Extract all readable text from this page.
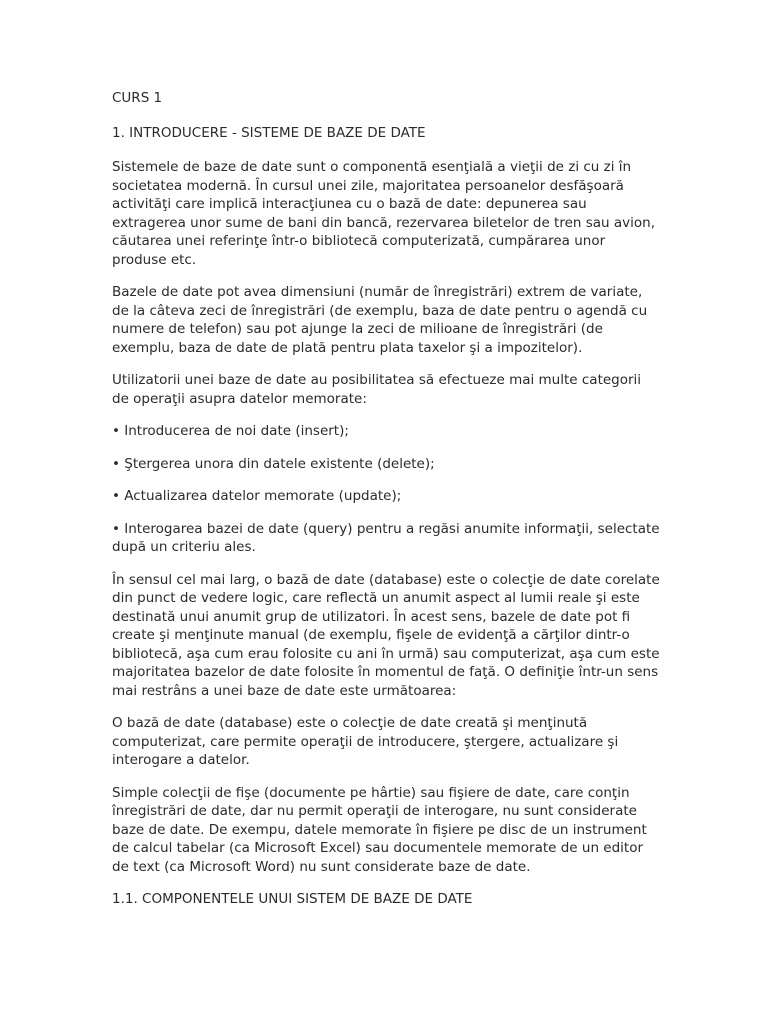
CURS 1

1. INTRODUCERE - SISTEME DE BAZE DE DATE

Sistemele de baze de date sunt o componentă esenţială a vieţii de zi cu zi în societatea modernă. În cursul unei zile, majoritatea persoanelor desfăşoară activităţi care implică interacţiunea cu o bază de date: depunerea sau extragerea unor sume de bani din bancă, rezervarea biletelor de tren sau avion, căutarea unei referinţe într-o bibliotecă computerizată, cumpărarea unor produse etc.

Bazele de date pot avea dimensiuni (număr de înregistrări) extrem de variate, de la câteva zeci de înregistrări (de exemplu, baza de date pentru o agendă cu numere de telefon) sau pot ajunge la zeci de milioane de înregistrări (de exemplu, baza de date de plată pentru plata taxelor şi a impozitelor).

Utilizatorii unei baze de date au posibilitatea să efectueze mai multe categorii de operaţii asupra datelor memorate:

• Introducerea de noi date (insert);

• Ştergerea unora din datele existente (delete);

• Actualizarea datelor memorate (update);

• Interogarea bazei de date (query) pentru a regăsi anumite informaţii, selectate după un criteriu ales.

În sensul cel mai larg, o bază de date (database) este o colecţie de date corelate din punct de vedere logic, care reflectă un anumit aspect al lumii reale şi este destinată unui anumit grup de utilizatori. În acest sens, bazele de date pot fi create şi menţinute manual (de exemplu, fişele de evidenţă a cărţilor dintr-o bibliotecă, aşa cum erau folosite cu ani în urmă) sau computerizat, aşa cum este majoritatea bazelor de date folosite în momentul de faţă. O definiţie într-un sens mai restrâns a unei baze de date este următoarea:

O bază de date (database) este o colecţie de date creată şi menţinută computerizat, care permite operaţii de introducere, ştergere, actualizare şi interogare a datelor.

Simple colecţii de fişe (documente pe hârtie) sau fişiere de date, care conţin înregistrări de date, dar nu permit operaţii de interogare, nu sunt considerate baze de date. De exempu, datele memorate în fişiere pe disc de un instrument de calcul tabelar (ca Microsoft Excel) sau documentele memorate de un editor de text (ca Microsoft Word) nu sunt considerate baze de date.

1.1. COMPONENTELE UNUI SISTEM DE BAZE DE DATE
